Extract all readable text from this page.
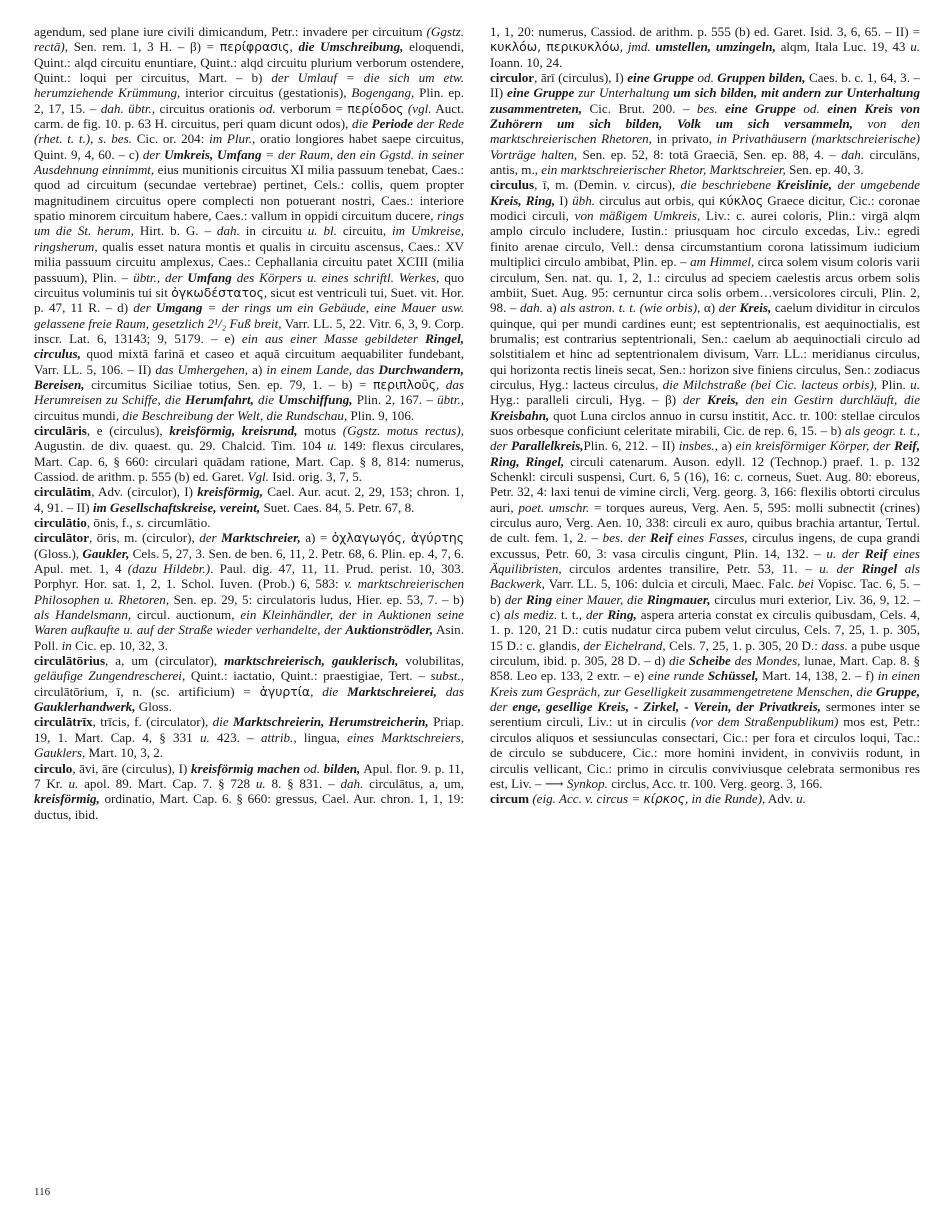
agendum, sed plane iure civili dimicandum, Petr.: invadere per circuitum (Ggstz. rectā), Sen. rem. 1, 3 H. – β) = περίφρασις, die Umschreibung, eloquendi, Quint.: alqd circuitu enuntiare, Quint.: alqd circuitu plurium verborum ostendere, Quint.: loqui per circuitus, Mart. – b) der Umlauf = die sich um etw. herumziehende Krümmung, interior circuitus (gestationis), Bogengang, Plin. ep. 2, 17, 15. – dah. übtr., circuitus orationis od. verborum = περίοδος (vgl. Auct. carm. de fig. 10. p. 63 H. circuitus, peri quam dicunt odos), die Periode der Rede (rhet. t. t.), s. bes. Cic. or. 204: im Plur., oratio longiores habet saepe circuitus, Quint. 9, 4, 60. – c) der Umkreis, Umfang = der Raum, den ein Ggstd. in seiner Ausdehnung einnimmt, eius munitionis circuitus XI milia passuum tenebat, Caes.: quod ad circuitum (secundae vertebrae) pertinet, Cels.: collis, quem propter magnitudinem circuitus opere complecti non potuerant nostri, Caes.: interiore spatio minorem circuitum habere, Caes.: vallum in oppidi circuitum ducere, rings um die St. herum, Hirt. b. G. – dah. in circuitu u. bl. circuitu, im Umkreise, ringsherum, qualis esset natura montis et qualis in circuitu ascensus, Caes.: XV milia passuum circuitu amplexus, Caes.: Cephallania circuitu patet XCIII (milia passuum), Plin. – übtr., der Umfang des Körpers u. eines schriftl. Werkes, quo circuitus voluminis tui sit ὀγκωδέστατος, sicut est ventriculi tui, Suet. vit. Hor. p. 47, 11 R. – d) der Umgang = der rings um ein Gebäude, eine Mauer usw. gelassene freie Raum, gesetzlich 2¹/₂ Fuß breit, Varr. LL. 5, 22. Vitr. 6, 3, 9. Corp. inscr. Lat. 6, 13143; 9, 5179. – e) ein aus einer Masse gebildeter Ringel, circulus, quod mixtā farinā et caseo et aquā circuitum aequabiliter fundebant, Varr. LL. 5, 106. – II) das Umhergehen, a) in einem Lande, das Durchwandern, Bereisen, circumitus Siciliae totius, Sen. ep. 79, 1. – b) = περιπλοῦς, das Herumreisen zu Schiffe, die Herumfahrt, die Umschiffung, Plin. 2, 167. – übtr., circuitus mundi, die Beschreibung der Welt, die Rundschau, Plin. 9, 106.

circulāris, e (circulus), kreisförmig, kreisrund, motus (Ggstz. motus rectus), Augustin. de div. quaest. qu. 29. Chalcid. Tim. 104 u. 149: flexus circulares, Mart. Cap. 6, § 660: circulari quādam ratione, Mart. Cap. § 8, 814: numerus, Cassiod. de arithm. p. 555 (b) ed. Garet. Vgl. Isid. orig. 3, 7, 5.

circulātim, Adv. (circulor), I) kreisförmig, Cael. Aur. acut. 2, 29, 153; chron. 1, 4, 91. – II) im Gesellschaftskreise, vereint, Suet. Caes. 84, 5. Petr. 67, 8.

circulātio, ōnis, f., s. circumlātio.

circulātor, ōris, m. (circulor), der Marktschreier, a) = ὀχλαγωγός, ἀγύρτης (Gloss.), Gaukler, Cels. 5, 27, 3. Sen. de ben. 6, 11, 2. Petr. 68, 6. Plin. ep. 4, 7, 6. Apul. met. 1, 4 (dazu Hildebr.). Paul. dig. 47, 11, 11. Prud. perist. 10, 303. Porphyr. Hor. sat. 1, 2, 1. Schol. Iuven. (Prob.) 6, 583: v. marktschreierischen Philosophen u. Rhetoren, Sen. ep. 29, 5: circulatoris ludus, Hier. ep. 53, 7. – b) als Handelsmann, circul. auctionum, ein Kleinhändler, der in Auktionen seine Waren aufkaufte u. auf der Straße wieder verhandelte, der Auktionströdler, Asin. Poll. in Cic. ep. 10, 32, 3.

circulātōrius, a, um (circulator), marktschreierisch, gauklerisch, volubilitas, geläufige Zungendrescherei, Quint.: iactatio, Quint.: praestigiae, Tert. – subst., circulātōrium, ī, n. (sc. artificium) = ἀγυρτία, die Marktschreierei, das Gauklerhandwerk, Gloss.

circulātrīx, trīcis, f. (circulator), die Marktschreierin, Herumstreicherin, Priap. 19, 1. Mart. Cap. 4, § 331 u. 423. – attrib., lingua, eines Marktschreiers, Gauklers, Mart. 10, 3, 2.

circulo, āvi, āre (circulus), I) kreisförmig machen od. bilden, Apul. flor. 9. p. 11, 7 Kr. u. apol. 89. Mart. Cap. 7. § 728 u. 8. § 831. – dah. circulātus, a, um, kreisförmig, ordinatio, Mart. Cap. 6. § 660: gressus, Cael. Aur. chron. 1, 1, 19: ductus, ibid.

1, 1, 20: numerus, Cassiod. de arithm. p. 555 (b) ed. Garet. Isid. 3, 6, 65. – II) = κυκλόω, περικυκλόω, jmd. umstellen, umzingeln, alqm, Itala Luc. 19, 43 u. Ioann. 10, 24.

circulor, ārī (circulus), I) eine Gruppe od. Gruppen bilden, Caes. b. c. 1, 64, 3. – II) eine Gruppe zur Unterhaltung um sich bilden, mit andern zur Unterhaltung zusammentreten, Cic. Brut. 200. – bes. eine Gruppe od. einen Kreis von Zuhörern um sich bilden, Volk um sich versammeln, von den marktschreierischen Rhetoren, in privato, in Privathäusern (marktschreierische) Vorträge halten, Sen. ep. 52, 8: totā Graeciā, Sen. ep. 88, 4. – dah. circulāns, antis, m., ein marktschreierischer Rhetor, Marktschreier, Sen. ep. 40, 3.

circulus, ī, m. (Demin. v. circus), die beschriebene Kreislinie, der umgebende Kreis, Ring, I) übh. circulus aut orbis, qui κύκλος Graece dicitur, Cic.: coronae modici circuli, von mäßigem Umkreis, Liv.: c. aurei coloris, Plin.: virgā alqm amplo circulo includere, Iustin.: priusquam hoc circulo excedas, Liv.: egredi finito arenae circulo, Vell.: densa circumstantium corona latissimum iudicium multiplici circulo ambibat, Plin. ep. – am Himmel, circa solem visum coloris varii circulum, Sen. nat. qu. 1, 2, 1.: circulus ad speciem caelestis arcus orbem solis ambiit, Suet. Aug. 95: cernuntur circa solis orbem…versicolores circuli, Plin. 2, 98. – dah. a) als astron. t. t. (wie orbis), α) der Kreis, caelum dividitur in circulos quinque, qui per mundi cardines eunt; est septentrionalis, est aequinoctialis, est brumalis; est contrarius septentrionali, Sen.: caelum ab aequinoctiali circulo ad solstitialem et hinc ad septentrionalem divisum, Varr. LL.: meridianus circulus, qui horizonta rectis lineis secat, Sen.: horizon sive finiens circulus, Sen.: zodiacus circulus, Hyg.: lacteus circulus, die Milchstraße (bei Cic. lacteus orbis), Plin. u. Hyg.: paralleli circuli, Hyg. – β) der Kreis, den ein Gestirn durchläuft, die Kreisbahn, quot Luna circlos annuo in cursu institit, Acc. tr. 100: stellae circulos suos orbesque conficiunt celeritate mirabili, Cic. de rep. 6, 15. – b) als geogr. t. t., der Parallelkreis,Plin. 6, 212. – II) insbes., a) ein kreisförmiger Körper, der Reif, Ring, Ringel, circuli catenarum. Auson. edyll. 12 (Technop.) praef. 1. p. 132 Schenkl: circuli suspensi, Curt. 6, 5 (16), 16: c. corneus, Suet. Aug. 80: eboreus, Petr. 32, 4: laxi tenui de vimine circli, Verg. georg. 3, 166: flexilis obtorti circulus auri, poet. umschr. = torques aureus, Verg. Aen. 5, 595: molli subnectit (crines) circulus auro, Verg. Aen. 10, 338: circuli ex auro, quibus brachia artantur, Tertul. de cult. fem. 1, 2. – bes. der Reif eines Fasses, circulus ingens, de cupa grandi excussus, Petr. 60, 3: vasa circulis cingunt, Plin. 14, 132. – u. der Reif eines Äquilibristen, circulos ardentes transilire, Petr. 53, 11. – u. der Ringel als Backwerk, Varr. LL. 5, 106: dulcia et circuli, Maec. Falc. bei Vopisc. Tac. 6, 5. – b) der Ring einer Mauer, die Ringmauer, circulus muri exterior, Liv. 36, 9, 12. – c) als mediz. t. t., der Ring, aspera arteria constat ex circulis quibusdam, Cels. 4, 1. p. 120, 21 D.: cutis nudatur circa pubem velut circulus, Cels. 7, 25, 1. p. 305, 15 D.: c. glandis, der Eichelrand, Cels. 7, 25, 1. p. 305, 20 D.: dass. a pube usque circulum, ibid. p. 305, 28 D. – d) die Scheibe des Mondes, lunae, Mart. Cap. 8. § 858. Leo ep. 133, 2 extr. – e) eine runde Schüssel, Mart. 14, 138, 2. – f) in einen Kreis zum Gespräch, zur Geselligkeit zusammengetretene Menschen, die Gruppe, der enge, gesellige Kreis, - Zirkel, - Verein, der Privatkreis, sermones inter se serentium circuli, Liv.: ut in circulis (vor dem Straßenpublikum) mos est, Petr.: circulos aliquos et sessiunculas consectari, Cic.: per fora et circulos loqui, Tac.: de circulo se subducere, Cic.: more homini invident, in conviviis rodunt, in circulis vellicant, Cic.: primo in circulis conviviusque celebrata sermonibus res est, Liv. – ⟶ Synkop. circlus, Acc. tr. 100. Verg. georg. 3, 166.

circum (eig. Acc. v. circus = κίρκος, in die Runde), Adv. u.

116
